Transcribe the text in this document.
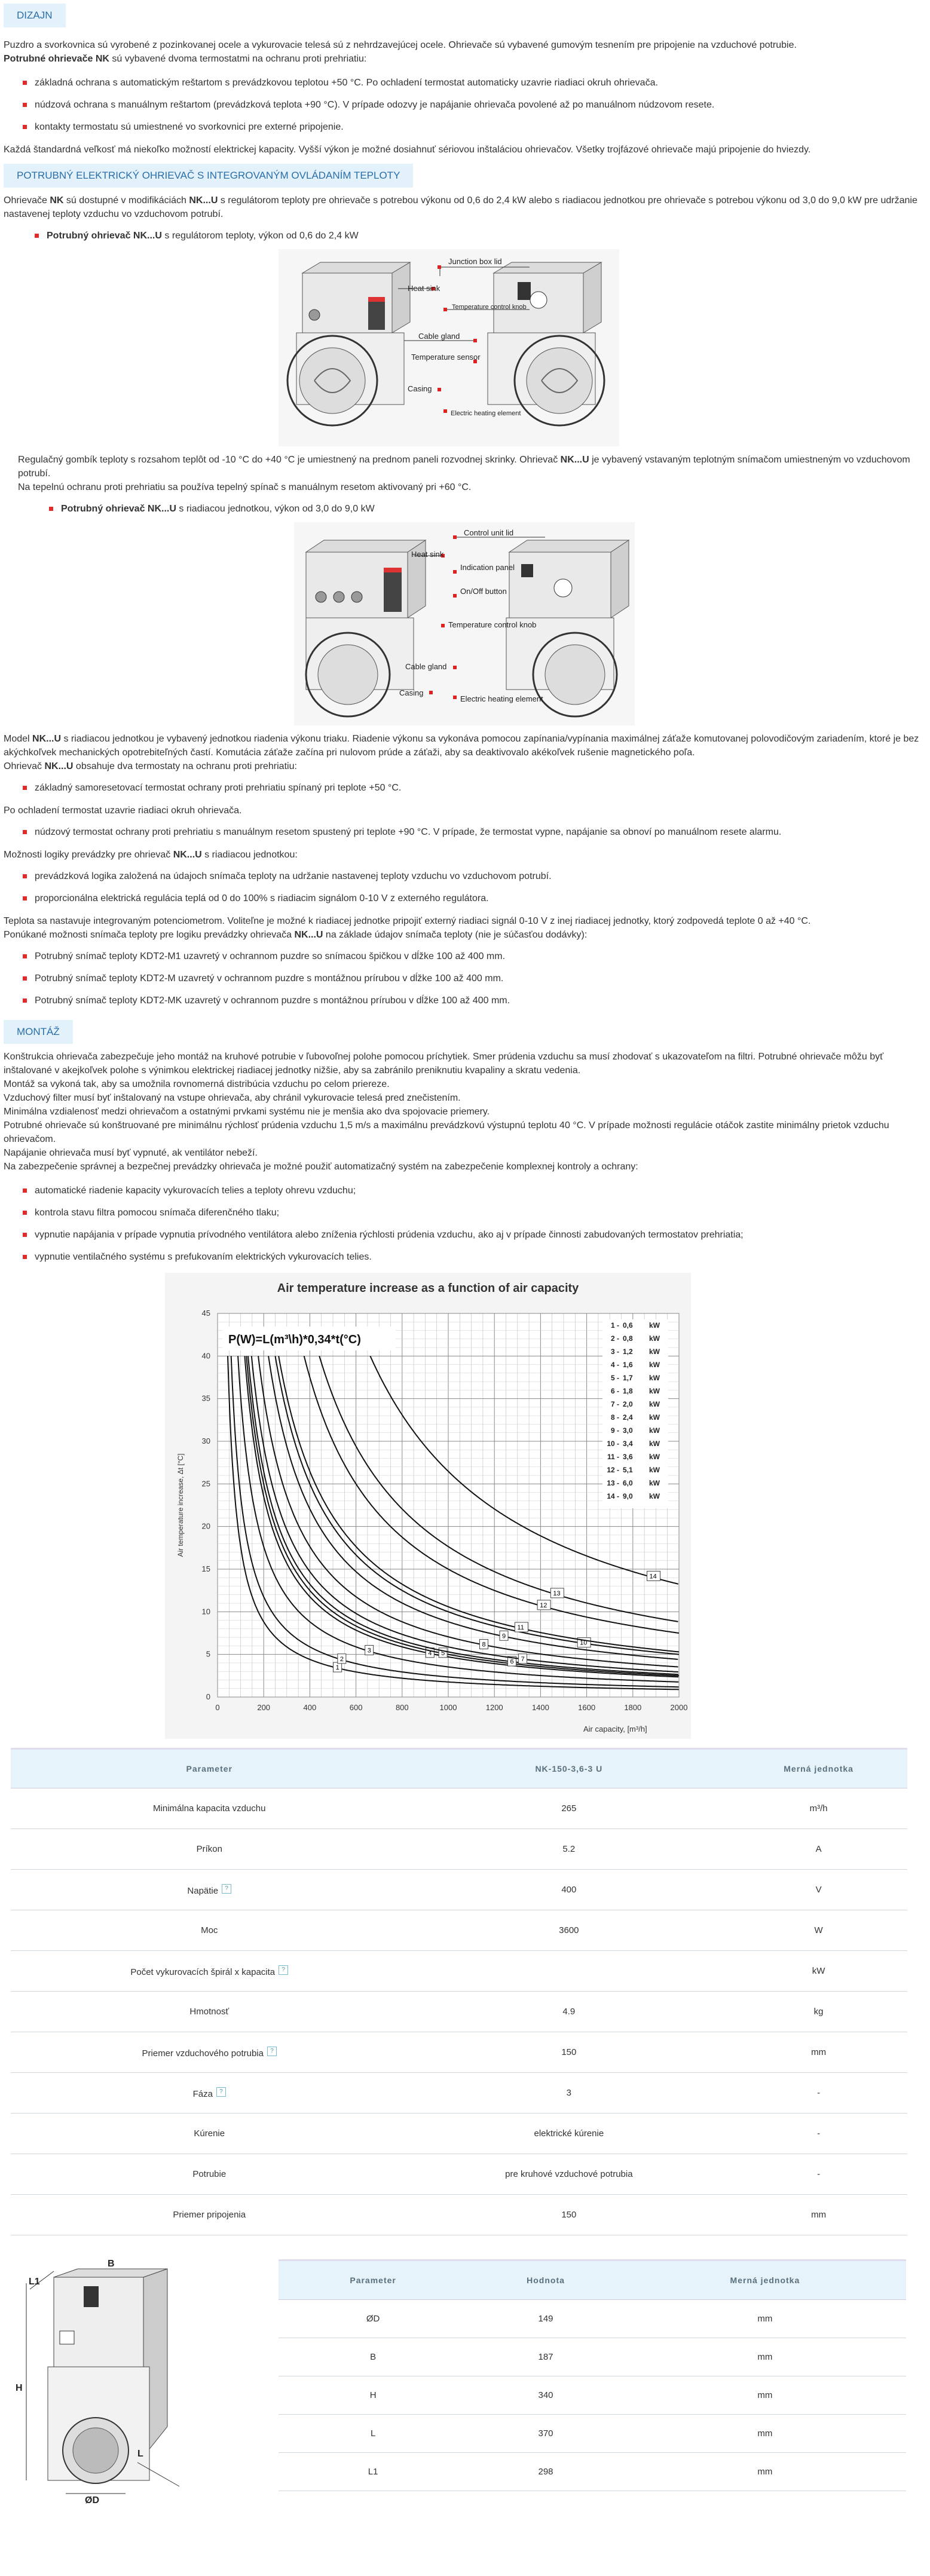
DIZAJN

Puzdro a svorkovnica sú vyrobené z pozinkovanej ocele a vykurovacie telesá sú z nehrdzavejúcej ocele. Ohrievače sú vybavené gumovým tesnením pre pripojenie na vzduchové potrubie.

Potrubné ohrievače NK sú vybavené dvoma termostatmi na ochranu proti prehriatiu:

základná ochrana s automatickým reštartom s prevádzkovou teplotou +50 °C. Po ochladení termostat automaticky uzavrie riadiaci okruh ohrievača.
núdzová ochrana s manuálnym reštartom (prevádzková teplota +90 °C). V prípade odozvy je napájanie ohrievača povolené až po manuálnom núdzovom resete.
kontakty termostatu sú umiestnené vo svorkovnici pre externé pripojenie.

Každá štandardná veľkosť má niekoľko možností elektrickej kapacity. Vyšší výkon je možné dosiahnuť sériovou inštaláciou ohrievačov. Všetky trojfázové ohrievače majú pripojenie do hviezdy.

POTRUBNÝ ELEKTRICKÝ OHRIEVAČ S INTEGROVANÝM OVLÁDANÍM TEPLOTY

Ohrievače NK sú dostupné v modifikáciách NK...U s regulátorom teploty pre ohrievače s potrebou výkonu od 0,6 do 2,4 kW alebo s riadiacou jednotkou pre ohrievače s potrebou výkonu od 3,0 do 9,0 kW pre udržanie nastavenej teploty vzduchu vo vzduchovom potrubí.

Potrubný ohrievač NK...U s regulátorom teploty, výkon od 0,6 do 2,4 kW
Junction box lid
Heat sink
Temperature control knob
Cable gland
Temperature sensor
Casing
Electric heating element

Regulačný gombík teploty s rozsahom teplôt od -10 °C do +40 °C je umiestnený na prednom paneli rozvodnej skrinky. Ohrievač NK...U je vybavený vstavaným teplotným snímačom umiestneným vo vzduchovom potrubí.

Na tepelnú ochranu proti prehriatiu sa používa tepelný spínač s manuálnym resetom aktivovaný pri +60 °C.

Potrubný ohrievač NK...U s riadiacou jednotkou, výkon od 3,0 do 9,0 kW
Control unit lid
Heat sink
Indication panel
On/Off button
Temperature control knob
Cable gland
Casing
Electric heating element

Model NK...U s riadiacou jednotkou je vybavený jednotkou riadenia výkonu triaku. Riadenie výkonu sa vykonáva pomocou zapínania/vypínania maximálnej záťaže komutovanej polovodičovým zariadením, ktoré je bez akýchkoľvek mechanických opotrebiteľných častí. Komutácia záťaže začína pri nulovom prúde a záťaži, aby sa deaktivovalo akékoľvek rušenie magnetického poľa.

Ohrievač NK...U obsahuje dva termostaty na ochranu proti prehriatiu:

základný samoresetovací termostat ochrany proti prehriatiu spínaný pri teplote +50 °C.

Po ochladení termostat uzavrie riadiaci okruh ohrievača.

núdzový termostat ochrany proti prehriatiu s manuálnym resetom spustený pri teplote +90 °C. V prípade, že termostat vypne, napájanie sa obnoví po manuálnom resete alarmu.

Možnosti logiky prevádzky pre ohrievač NK...U s riadiacou jednotkou:

prevádzková logika založená na údajoch snímača teploty na udržanie nastavenej teploty vzduchu vo vzduchovom potrubí.
proporcionálna elektrická regulácia teplá od 0 do 100% s riadiacim signálom 0-10 V z externého regulátora.

Teplota sa nastavuje integrovaným potenciometrom. Voliteľne je možné k riadiacej jednotke pripojiť externý riadiaci signál 0-10 V z inej riadiacej jednotky, ktorý zodpovedá teplote 0 až +40 °C.

Ponúkané možnosti snímača teploty pre logiku prevádzky ohrievača NK...U na základe údajov snímača teploty (nie je súčasťou dodávky):

Potrubný snímač teploty KDT2-M1 uzavretý v ochrannom puzdre so snímacou špičkou v dĺžke 100 až 400 mm.
Potrubný snímač teploty KDT2-M uzavretý v ochrannom puzdre s montážnou prírubou v dĺžke 100 až 400 mm.
Potrubný snímač teploty KDT2-MK uzavretý v ochrannom puzdre s montážnou prírubou v dĺžke 100 až 400 mm.
MONTÁŽ

Konštrukcia ohrievača zabezpečuje jeho montáž na kruhové potrubie v ľubovoľnej polohe pomocou príchytiek. Smer prúdenia vzduchu sa musí zhodovať s ukazovateľom na filtri. Potrubné ohrievače môžu byť inštalované v akejkoľvek polohe s výnimkou elektrickej riadiacej jednotky nižšie, aby sa zabránilo preniknutiu kvapaliny a skratu vedenia.

Montáž sa vykoná tak, aby sa umožnila rovnomerná distribúcia vzduchu po celom priereze.

Vzduchový filter musí byť inštalovaný na vstupe ohrievača, aby chránil vykurovacie telesá pred znečistením.

Minimálna vzdialenosť medzi ohrievačom a ostatnými prvkami systému nie je menšia ako dva spojovacie priemery.

Potrubné ohrievače sú konštruované pre minimálnu rýchlosť prúdenia vzduchu 1,5 m/s a maximálnu prevádzkovú výstupnú teplotu 40 °C. V prípade možnosti regulácie otáčok zastite minimálny prietok vzduchu ohrievačom.

Napájanie ohrievača musí byť vypnuté, ak ventilátor nebeží.

Na zabezpečenie správnej a bezpečnej prevádzky ohrievača je možné použiť automatizačný systém na zabezpečenie komplexnej kontroly a ochrany:

automatické riadenie kapacity vykurovacích telies a teploty ohrevu vzduchu;
kontrola stavu filtra pomocou snímača diferenčného tlaku;
vypnutie napájania v prípade vypnutia prívodného ventilátora alebo zníženia rýchlosti prúdenia vzduchu, ako aj v prípade činnosti zabudovaných termostatov prehriatia;
vypnutie ventilačného systému s prefukovaním elektrických vykurovacích telies.
Air temperature increase as a function of air capacity
1
2
3	4 5
6 7
8
9
10
11
12
13
14
0	200	400	600	800	1000	1200	1400	1600	1800	2000
0
5
10
15
20
25
30
35
40
45
P(W)=L(m³\h)*0,34*t(°C)
1 - 0,6 kW
2 - 0,8 kW
3 - 1,2 kW
4 - 1,6 kW
5 - 1,7 kW
6 - 1,8 kW
7 - 2,0 kW
8 - 2,4 kW
9 - 3,0 kW
10 - 3,4 kW
11 - 3,6 kW
12 - 5,1 kW
13 - 6,0 kW
14 - 9,0 kW
Air temperature increase, Δt [°C]
Air capacity, [m³/h]
Parameter	NK-150-3,6-3 U	Merná jednotka
Minimálna kapacita vzduchu	265	m³/h
Príkon	5.2	A
Napätie ?	400	V
Moc	3600	W
Počet vykurovacích špirál x kapacita ?		kW
Hmotnosť	4.9	kg
Priemer vzduchového potrubia ?	150	mm
Fáza ?	3	-
Kúrenie	elektrické kúrenie	-
Potrubie	pre kruhové vzduchové potrubia	-
Priemer pripojenia	150	mm
B
L1
H
L
ØD
Parameter	Hodnota	Merná jednotka
ØD	149	mm
B	187	mm
H	340	mm
L	370	mm
L1	298	mm
